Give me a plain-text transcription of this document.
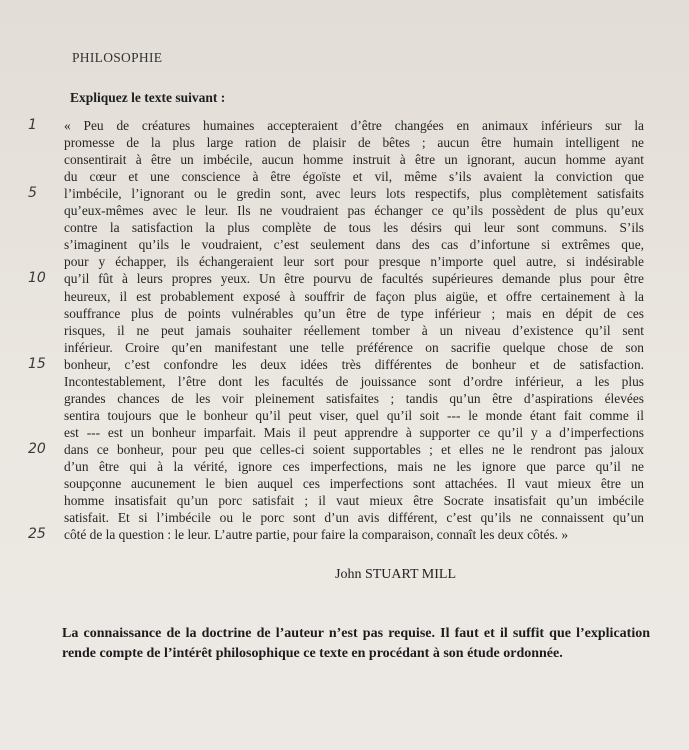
PHILOSOPHIE
Expliquez le texte suivant :
« Peu de créatures humaines accepteraient d’être changées en animaux inférieurs sur la
promesse de la plus large ration de plaisir de bêtes ; aucun être humain intelligent ne
consentirait à être un imbécile, aucun homme instruit à être un ignorant, aucun homme ayant
du cœur et une conscience à être égoïste et vil, même s’ils avaient la conviction que
l’imbécile, l’ignorant ou le gredin sont, avec leurs lots respectifs, plus complètement satisfaits
qu’eux-mêmes avec le leur. Ils ne voudraient pas échanger ce qu’ils possèdent de plus qu’eux
contre la satisfaction la plus complète de tous les désirs qui leur sont communs. S’ils
s’imaginent qu’ils le voudraient, c’est seulement dans des cas d’infortune si extrêmes que,
pour y échapper, ils échangeraient leur sort pour presque n’importe quel autre, si indésirable
qu’il fût à leurs propres yeux. Un être pourvu de facultés supérieures demande plus pour être
heureux, il est probablement exposé à souffrir de façon plus aigüe, et offre certainement à la
souffrance plus de points vulnérables qu’un être de type inférieur ; mais en dépit de ces
risques, il ne peut jamais souhaiter réellement tomber à un niveau d’existence qu’il sent
inférieur. Croire qu’en manifestant une telle préférence on sacrifie quelque chose de son
bonheur, c’est confondre les deux idées très différentes de bonheur et de satisfaction.
Incontestablement, l’être dont les facultés de jouissance sont d’ordre inférieur, a les plus
grandes chances de les voir pleinement satisfaites ; tandis qu’un être d’aspirations élevées
sentira toujours que le bonheur qu’il peut viser, quel qu’il soit --- le monde étant fait comme il
est --- est un bonheur imparfait. Mais il peut apprendre à supporter ce qu’il y a d’imperfections
dans ce bonheur, pour peu que celles-ci soient supportables ; et elles ne le rendront pas jaloux
d’un être qui à la vérité, ignore ces imperfections, mais ne les ignore que parce qu’il ne
soupçonne aucunement le bien auquel ces imperfections sont attachées. Il vaut mieux être un
homme insatisfait qu’un porc satisfait ; il vaut mieux être Socrate insatisfait qu’un imbécile
satisfait. Et si l’imbécile ou le porc sont d’un avis différent, c’est qu’ils ne connaissent qu’un
côté de la question : le leur. L’autre partie, pour faire la comparaison, connaît les deux côtés. »
1
5
10
15
20
25
John STUART MILL
La connaissance de la doctrine de l’auteur n’est pas requise. Il faut et il suffit que l’explication rende compte de l’intérêt philosophique ce texte en procédant à son étude ordonnée.
